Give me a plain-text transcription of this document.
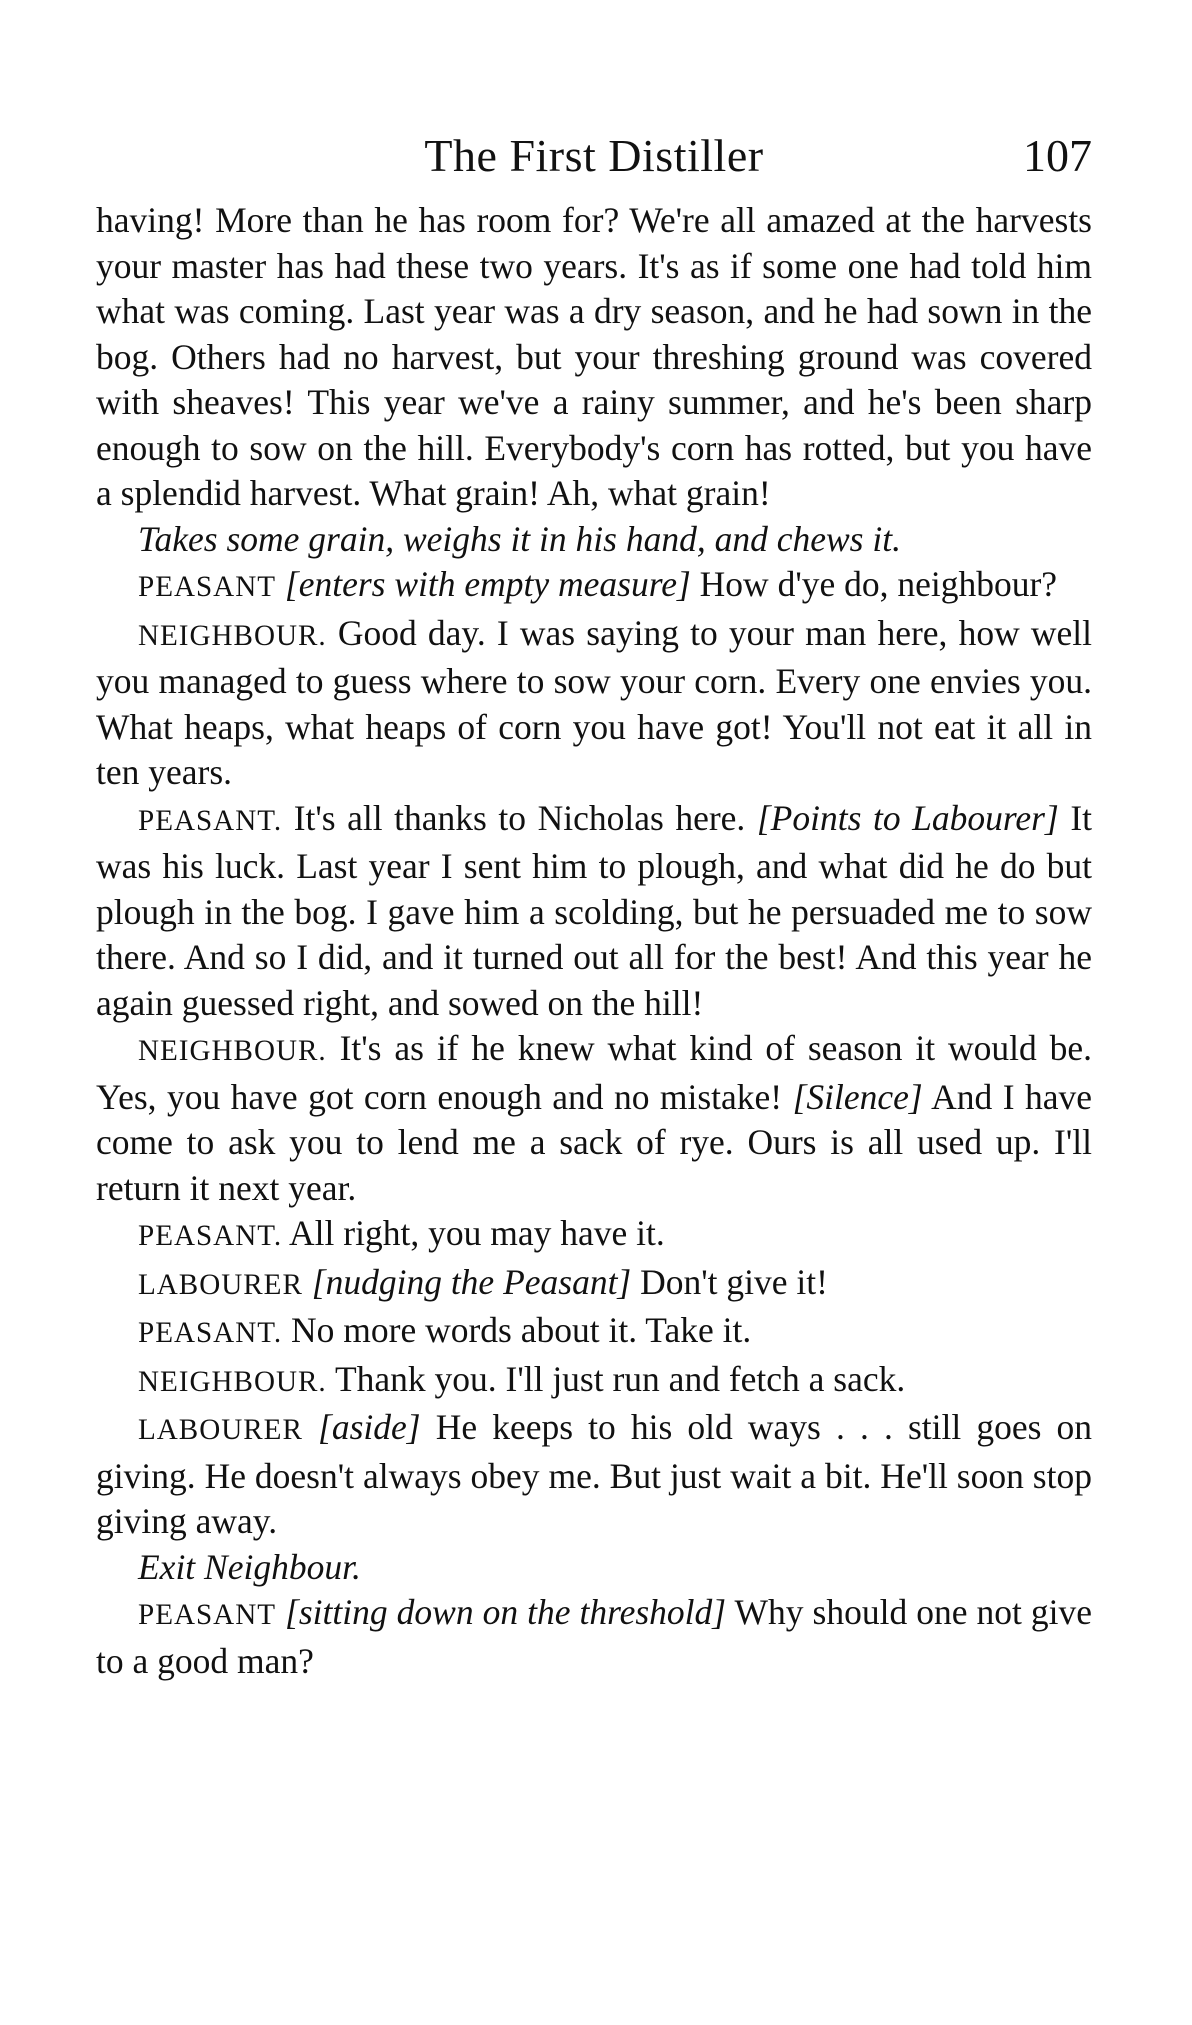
The First Distiller	107

having! More than he has room for? We're all amazed at the harvests your master has had these two years. It's as if some one had told him what was coming. Last year was a dry season, and he had sown in the bog. Others had no harvest, but your threshing ground was covered with sheaves! This year we've a rainy summer, and he's been sharp enough to sow on the hill. Everybody's corn has rotted, but you have a splendid harvest. What grain! Ah, what grain!

Takes some grain, weighs it in his hand, and chews it.

PEASANT [enters with empty measure] How d'ye do, neighbour?

NEIGHBOUR. Good day. I was saying to your man here, how well you managed to guess where to sow your corn. Every one envies you. What heaps, what heaps of corn you have got! You'll not eat it all in ten years.

PEASANT. It's all thanks to Nicholas here. [Points to Labourer] It was his luck. Last year I sent him to plough, and what did he do but plough in the bog. I gave him a scolding, but he persuaded me to sow there. And so I did, and it turned out all for the best! And this year he again guessed right, and sowed on the hill!

NEIGHBOUR. It's as if he knew what kind of season it would be. Yes, you have got corn enough and no mistake! [Silence] And I have come to ask you to lend me a sack of rye. Ours is all used up. I'll return it next year.

PEASANT. All right, you may have it.

LABOURER [nudging the Peasant] Don't give it!

PEASANT. No more words about it. Take it.

NEIGHBOUR. Thank you. I'll just run and fetch a sack.

LABOURER [aside] He keeps to his old ways . . . still goes on giving. He doesn't always obey me. But just wait a bit. He'll soon stop giving away.

Exit Neighbour.

PEASANT [sitting down on the threshold] Why should one not give to a good man?
